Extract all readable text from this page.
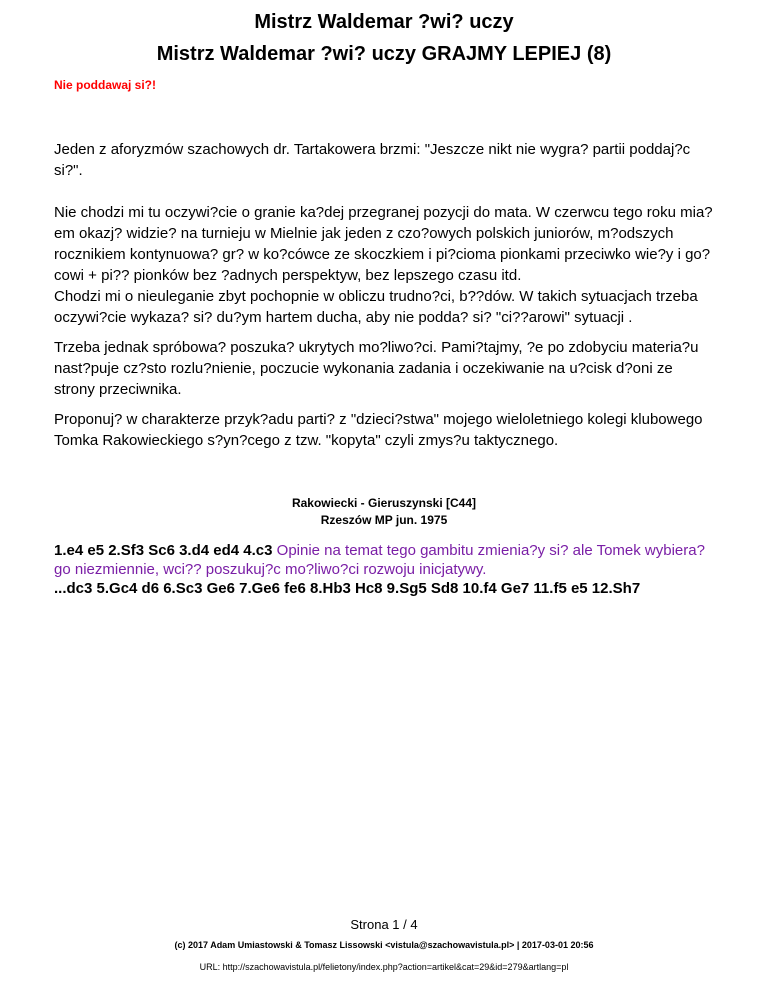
Mistrz Waldemar ?wi? uczy
Mistrz Waldemar ?wi? uczy GRAJMY LEPIEJ (8)
Nie poddawaj si?!

Jeden z aforyzmów szachowych dr. Tartakowera brzmi: "Jeszcze nikt nie wygra? partii poddaj?c si?".

Nie chodzi mi tu oczywi?cie o granie ka?dej przegranej pozycji do mata. W czerwcu tego roku mia?em okazj? widzie? na turnieju w Mielnie jak jeden z czo?owych polskich juniorów, m?odszych rocznikiem kontynuowa? gr? w ko?cówce ze skoczkiem i pi?cioma pionkami przeciwko wie?y i go?cowi + pi?? pionków bez ?adnych perspektyw, bez lepszego czasu itd.

Chodzi mi o nieuleganie zbyt pochopnie w obliczu trudno?ci, b??dów. W takich sytuacjach trzeba oczywi?cie wykaza? si? du?ym hartem ducha, aby nie podda? si? "ci??arowi" sytuacji .

Trzeba jednak spróbowa? poszuka? ukrytych mo?liwo?ci. Pami?tajmy, ?e po zdobyciu materia?u nast?puje cz?sto rozlu?nienie, poczucie wykonania zadania i oczekiwanie na u?cisk d?oni ze strony przeciwnika.

Proponuj? w charakterze przyk?adu parti? z "dzieci?stwa" mojego wieloletniego kolegi klubowego Tomka Rakowieckiego s?yn?cego z tzw. "kopyta" czyli zmys?u taktycznego.

Rakowiecki - Gieruszynski [C44]
Rzeszów MP jun. 1975
1.e4 e5 2.Sf3 Sc6 3.d4 ed4 4.c3 Opinie na temat tego gambitu zmienia?y si? ale Tomek wybiera? go niezmiennie, wci?? poszukuj?c mo?liwo?ci rozwoju inicjatywy.
...dc3 5.Gc4 d6 6.Sc3 Ge6 7.Ge6 fe6 8.Hb3 Hc8 9.Sg5 Sd8 10.f4 Ge7 11.f5 e5 12.Sh7
Strona 1 / 4
(c) 2017 Adam Umiastowski & Tomasz Lissowski <vistula@szachowavistula.pl> | 2017-03-01 20:56
URL: http://szachowavistula.pl/felietony/index.php?action=artikel&cat=29&id=279&artlang=pl
